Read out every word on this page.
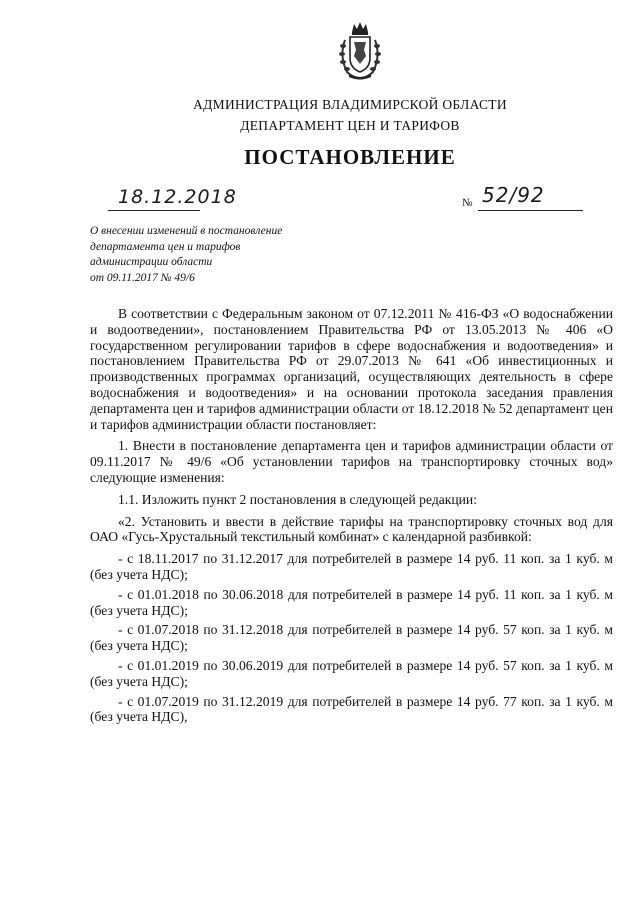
АДМИНИСТРАЦИЯ ВЛАДИМИРСКОЙ ОБЛАСТИ
ДЕПАРТАМЕНТ ЦЕН И ТАРИФОВ
ПОСТАНОВЛЕНИЕ
18.12.2018	№ 52/92
О внесении изменений в постановление
департамента цен и тарифов
администрации области
от 09.11.2017 № 49/6

В соответствии с Федеральным законом от 07.12.2011 № 416-ФЗ «О водоснабжении и водоотведении», постановлением Правительства РФ от 13.05.2013 № 406 «О государственном регулировании тарифов в сфере водоснабжения и водоотведения» и постановлением Правительства РФ от 29.07.2013 № 641 «Об инвестиционных и производственных программах организаций, осуществляющих деятельность в сфере водоснабжения и водоотведения» и на основании протокола заседания правления департамента цен и тарифов администрации области от 18.12.2018 № 52 департамент цен и тарифов администрации области постановляет:

1. Внести в постановление департамента цен и тарифов администрации области от 09.11.2017 № 49/6 «Об установлении тарифов на транспортировку сточных вод» следующие изменения:

1.1. Изложить пункт 2 постановления в следующей редакции:

«2. Установить и ввести в действие тарифы на транспортировку сточных вод для ОАО «Гусь-Хрустальный текстильный комбинат» с календарной разбивкой:

- с 18.11.2017 по 31.12.2017 для потребителей в размере 14 руб. 11 коп. за 1 куб. м (без учета НДС);

- с 01.01.2018 по 30.06.2018 для потребителей в размере 14 руб. 11 коп. за 1 куб. м (без учета НДС);

- с 01.07.2018 по 31.12.2018 для потребителей в размере 14 руб. 57 коп. за 1 куб. м (без учета НДС);

- с 01.01.2019 по 30.06.2019 для потребителей в размере 14 руб. 57 коп. за 1 куб. м (без учета НДС);

- с 01.07.2019 по 31.12.2019 для потребителей в размере 14 руб. 77 коп. за 1 куб. м (без учета НДС),
